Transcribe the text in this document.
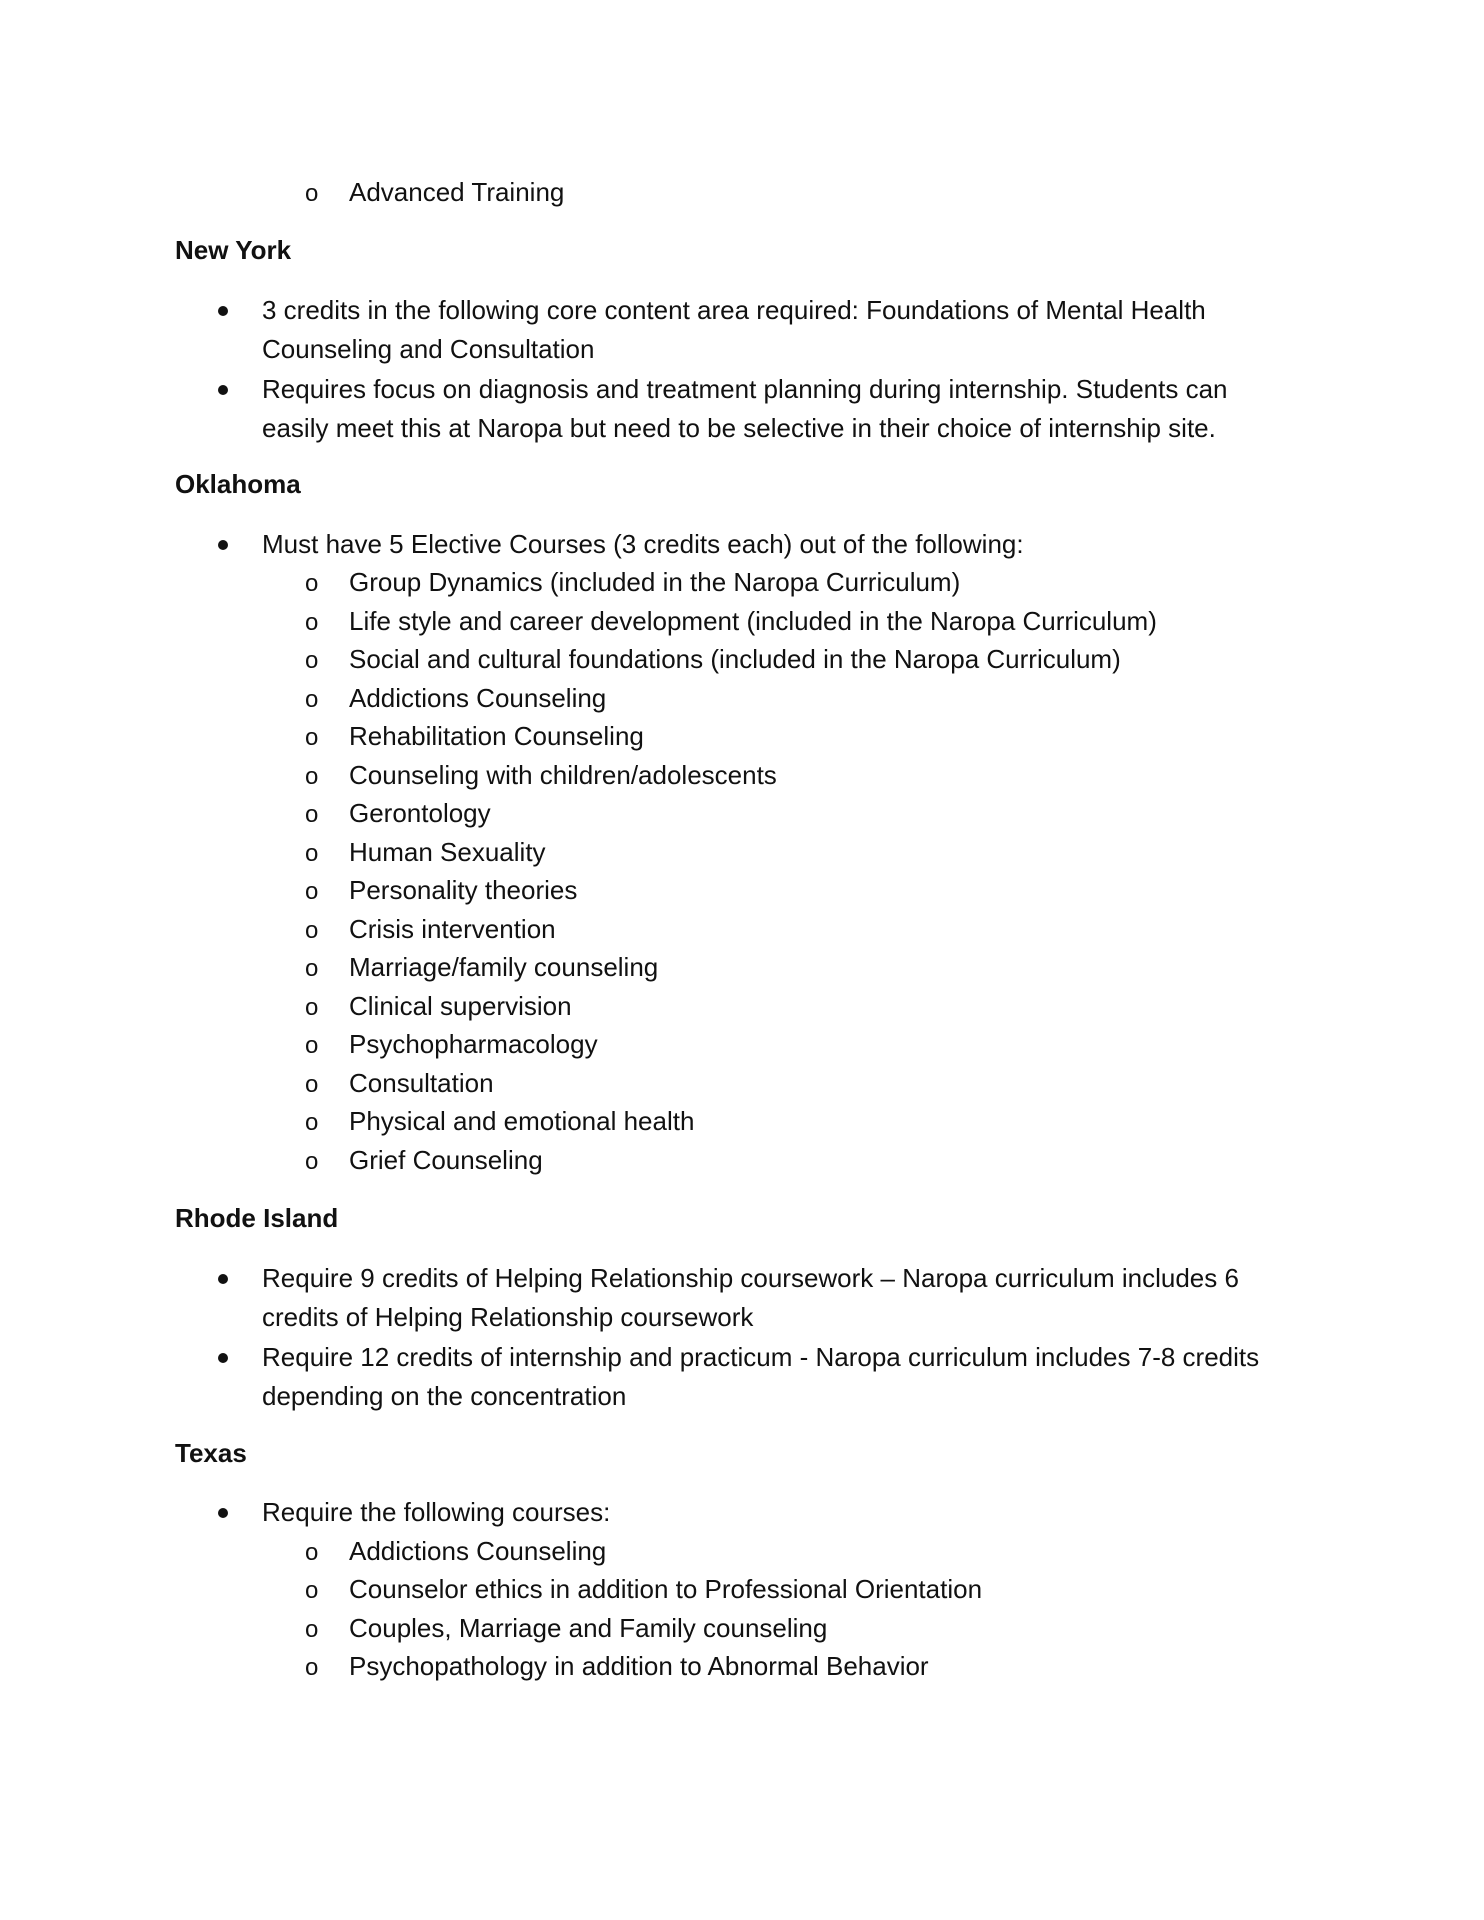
o Advanced Training
New York
3 credits in the following core content area required: Foundations of Mental Health
Counseling and Consultation
Requires focus on diagnosis and treatment planning during internship. Students can
easily meet this at Naropa but need to be selective in their choice of internship site.
Oklahoma
Must have 5 Elective Courses (3 credits each) out of the following:
o Group Dynamics (included in the Naropa Curriculum)
o Life style and career development (included in the Naropa Curriculum)
o Social and cultural foundations (included in the Naropa Curriculum)
o Addictions Counseling
o Rehabilitation Counseling
o Counseling with children/adolescents
o Gerontology
o Human Sexuality
o Personality theories
o Crisis intervention
o Marriage/family counseling
o Clinical supervision
o Psychopharmacology
o Consultation
o Physical and emotional health
o Grief Counseling
Rhode Island
Require 9 credits of Helping Relationship coursework – Naropa curriculum includes 6
credits of Helping Relationship coursework
Require 12 credits of internship and practicum - Naropa curriculum includes 7-8 credits
depending on the concentration
Texas
Require the following courses:
o Addictions Counseling
o Counselor ethics in addition to Professional Orientation
o Couples, Marriage and Family counseling
o Psychopathology in addition to Abnormal Behavior
